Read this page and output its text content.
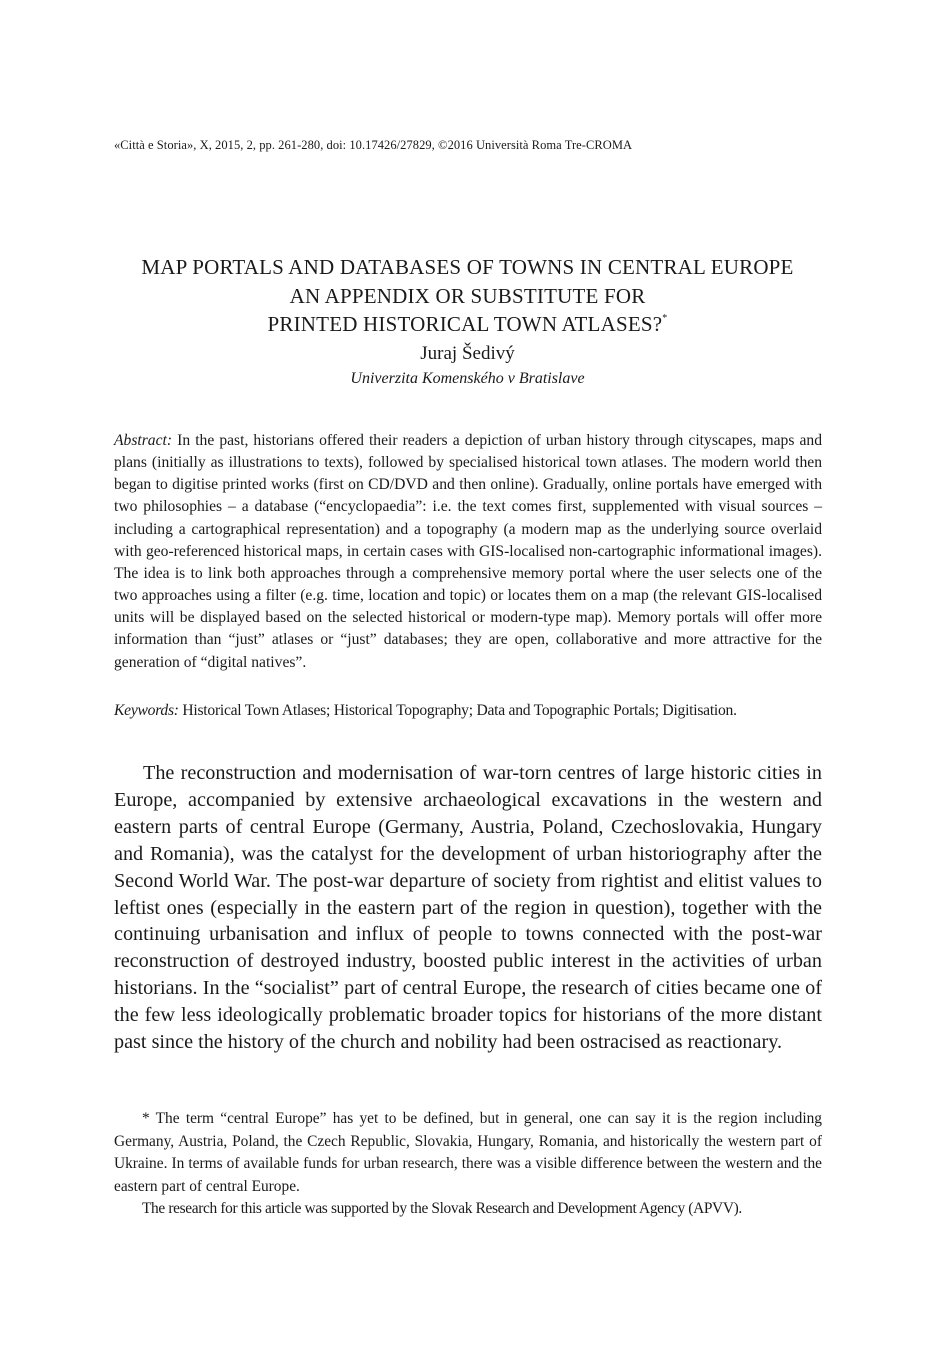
«Città e Storia», X, 2015, 2, pp. 261-280, doi: 10.17426/27829, ©2016 Università Roma Tre-CROMA
MAP PORTALS AND DATABASES OF TOWNS IN CENTRAL EUROPE
AN APPENDIX OR SUBSTITUTE FOR
PRINTED HISTORICAL TOWN ATLASES?*
Juraj Šedivý
Univerzita Komenského v Bratislave
Abstract: In the past, historians offered their readers a depiction of urban history through cityscapes, maps and plans (initially as illustrations to texts), followed by specialised historical town atlases. The modern world then began to digitise printed works (first on CD/DVD and then online). Gradually, online portals have emerged with two philosophies – a database (“encyclopaedia”: i.e. the text comes first, supplemented with visual sources – including a cartographical representation) and a topography (a modern map as the underlying source overlaid with geo-referenced historical maps, in certain cases with GIS-localised non-cartographic informational images). The idea is to link both approaches through a comprehensive memory portal where the user selects one of the two approaches using a filter (e.g. time, location and topic) or locates them on a map (the relevant GIS-localised units will be displayed based on the selected historical or modern-type map). Memory portals will offer more information than “just” atlases or “just” databases; they are open, collaborative and more attractive for the generation of “digital natives”.
Keywords: Historical Town Atlases; Historical Topography; Data and Topographic Portals; Digitisation.
The reconstruction and modernisation of war-torn centres of large historic cities in Europe, accompanied by extensive archaeological excavations in the western and eastern parts of central Europe (Germany, Austria, Poland, Czechoslovakia, Hungary and Romania), was the catalyst for the development of urban historiography after the Second World War. The post-war departure of society from rightist and elitist values to leftist ones (especially in the eastern part of the region in question), together with the continuing urbanisation and influx of people to towns connected with the post-war reconstruction of destroyed industry, boosted public interest in the activities of urban historians. In the “socialist” part of central Europe, the research of cities became one of the few less ideologically problematic broader topics for historians of the more distant past since the history of the church and nobility had been ostracised as reactionary.

* The term “central Europe” has yet to be defined, but in general, one can say it is the region including Germany, Austria, Poland, the Czech Republic, Slovakia, Hungary, Romania, and historically the western part of Ukraine. In terms of available funds for urban research, there was a visible difference between the western and the eastern part of central Europe.

The research for this article was supported by the Slovak Research and Development Agency (APVV).
